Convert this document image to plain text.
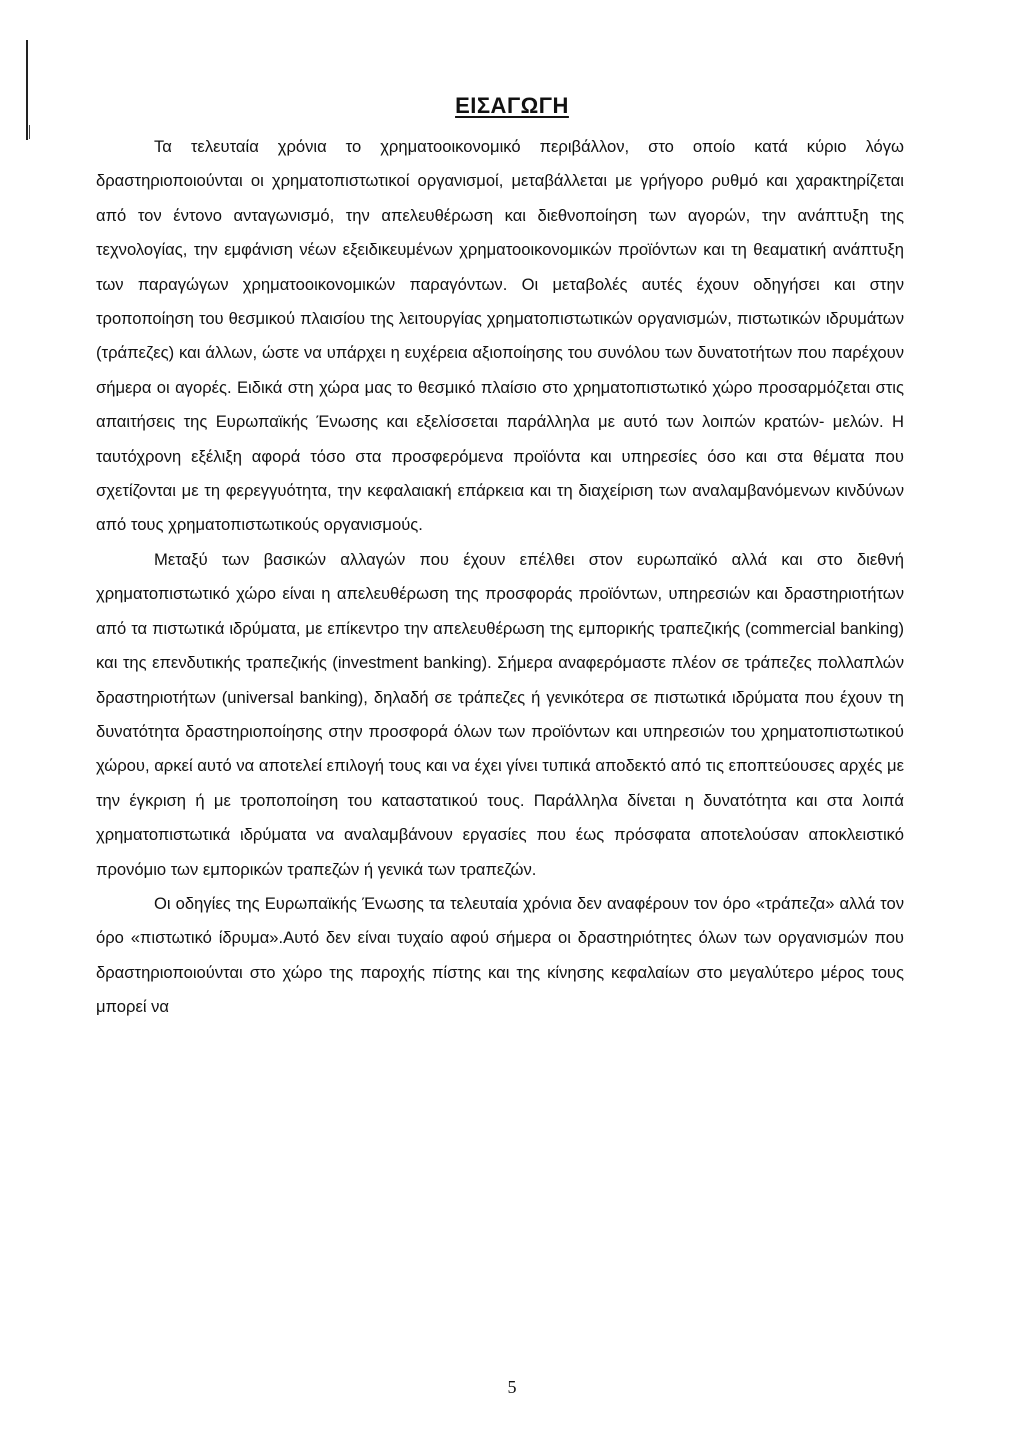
ΕΙΣΑΓΩΓΗ

Τα τελευταία χρόνια το χρηματοοικονομικό περιβάλλον, στο οποίο κατά κύριο λόγω δραστηριοποιούνται οι χρηματοπιστωτικοί οργανισμοί, μεταβάλλεται με γρήγορο ρυθμό και χαρακτηρίζεται από τον έντονο ανταγωνισμό, την απελευθέρωση και διεθνοποίηση των αγορών, την ανάπτυξη της τεχνολογίας, την εμφάνιση νέων εξειδικευμένων χρηματοοικονομικών προϊόντων και τη θεαματική ανάπτυξη των παραγώγων χρηματοοικονομικών παραγόντων. Οι μεταβολές αυτές έχουν οδηγήσει και στην τροποποίηση του θεσμικού πλαισίου της λειτουργίας χρηματοπιστωτικών οργανισμών, πιστωτικών ιδρυμάτων (τράπεζες) και άλλων, ώστε να υπάρχει η ευχέρεια αξιοποίησης του συνόλου των δυνατοτήτων που παρέχουν σήμερα οι αγορές. Ειδικά στη χώρα μας το θεσμικό πλαίσιο στο χρηματοπιστωτικό χώρο προσαρμόζεται στις απαιτήσεις της Ευρωπαϊκής Ένωσης και εξελίσσεται παράλληλα με αυτό των λοιπών κρατών- μελών. Η ταυτόχρονη εξέλιξη αφορά τόσο στα προσφερόμενα προϊόντα και υπηρεσίες όσο και στα θέματα που σχετίζονται με τη φερεγγυότητα, την κεφαλαιακή επάρκεια και τη διαχείριση των αναλαμβανόμενων κινδύνων από τους χρηματοπιστωτικούς οργανισμούς.

Μεταξύ των βασικών αλλαγών που έχουν επέλθει στον ευρωπαϊκό αλλά και στο διεθνή χρηματοπιστωτικό χώρο είναι η απελευθέρωση της προσφοράς προϊόντων, υπηρεσιών και δραστηριοτήτων από τα πιστωτικά ιδρύματα, με επίκεντρο την απελευθέρωση της εμπορικής τραπεζικής (commercial banking) και της επενδυτικής τραπεζικής (investment banking). Σήμερα αναφερόμαστε πλέον σε τράπεζες πολλαπλών δραστηριοτήτων (universal banking), δηλαδή σε τράπεζες ή γενικότερα σε πιστωτικά ιδρύματα που έχουν τη δυνατότητα δραστηριοποίησης στην προσφορά όλων των προϊόντων και υπηρεσιών του χρηματοπιστωτικού χώρου, αρκεί αυτό να αποτελεί επιλογή τους και να έχει γίνει τυπικά αποδεκτό από τις εποπτεύουσες αρχές με την έγκριση ή με τροποποίηση του καταστατικού τους. Παράλληλα δίνεται η δυνατότητα και στα λοιπά χρηματοπιστωτικά ιδρύματα να αναλαμβάνουν εργασίες που έως πρόσφατα αποτελούσαν αποκλειστικό προνόμιο των εμπορικών τραπεζών ή γενικά των τραπεζών.

Οι οδηγίες της Ευρωπαϊκής Ένωσης τα τελευταία χρόνια δεν αναφέρουν τον όρο «τράπεζα» αλλά τον όρο «πιστωτικό ίδρυμα».Αυτό δεν είναι τυχαίο αφού σήμερα οι δραστηριότητες όλων των οργανισμών που δραστηριοποιούνται στο χώρο της παροχής πίστης και της κίνησης κεφαλαίων στο μεγαλύτερο μέρος τους μπορεί να

5
